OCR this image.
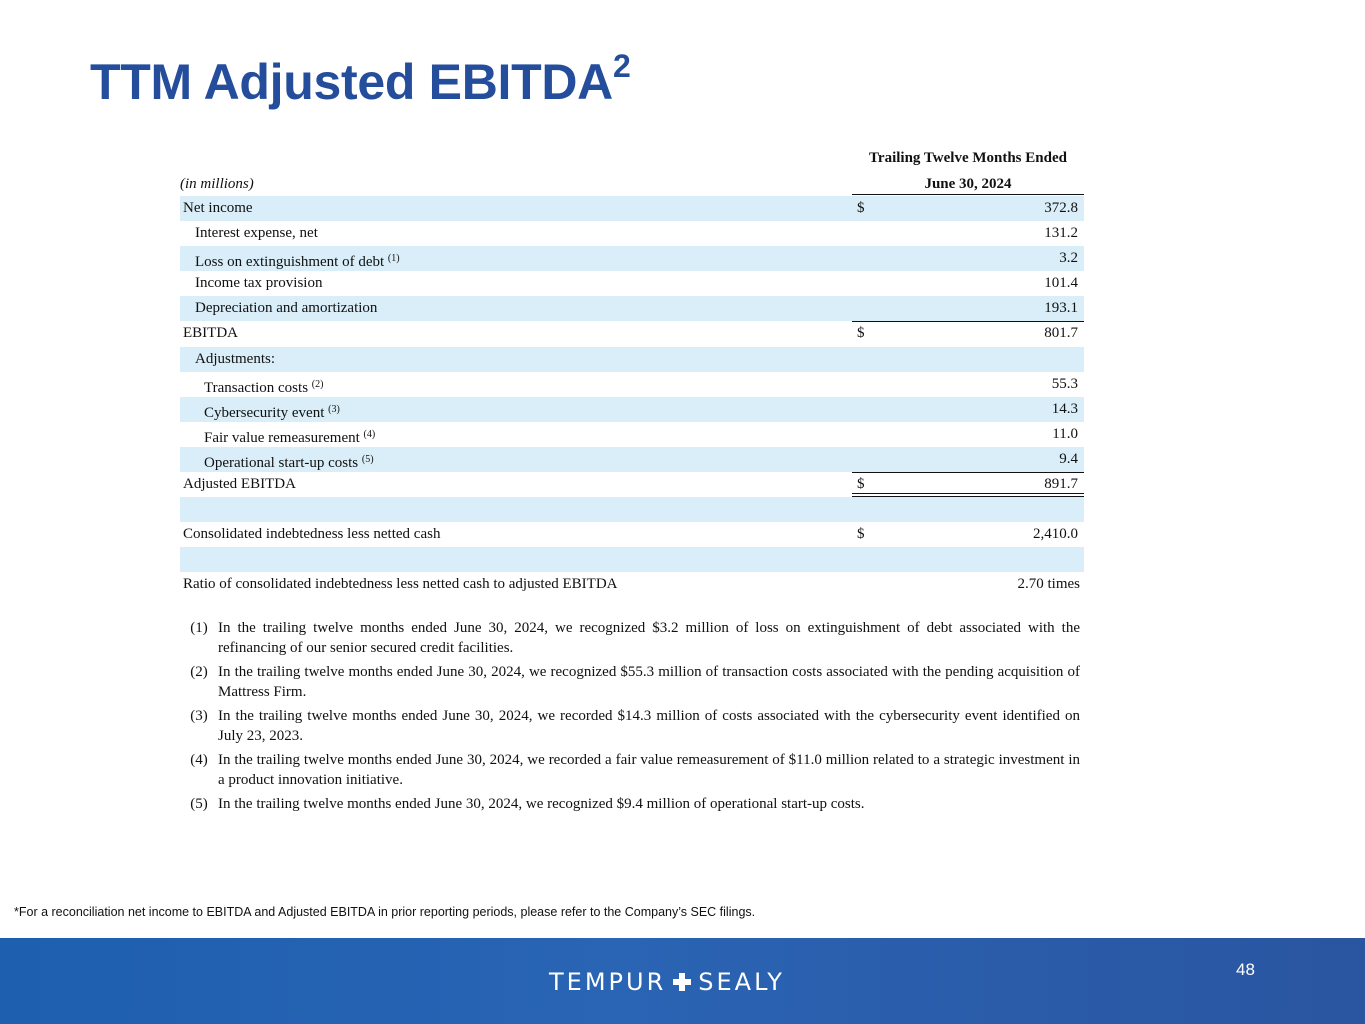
TTM Adjusted EBITDA$^2$
Trailing Twelve Months Ended
(in millions)	June 30, 2024
Net income	$	372.8
Interest expense, net	131.2
Loss on extinguishment of debt $^{(1)}$	3.2
Income tax provision	101.4
Depreciation and amortization	193.1
EBITDA	$	801.7
Adjustments:
Transaction costs $^{(2)}$	55.3
Cybersecurity event $^{(3)}$	14.3
Fair value remeasurement $^{(4)}$	11.0
Operational start-up costs $^{(5)}$	9.4
Adjusted EBITDA	$	891.7
Consolidated indebtedness less netted cash	$	2,410.0
Ratio of consolidated indebtedness less netted cash to adjusted EBITDA	2.70 times
(1) In the trailing twelve months ended June 30, 2024, we recognized $3.2 million of loss on extinguishment of debt associated with the refinancing of our senior secured credit facilities.
(2) In the trailing twelve months ended June 30, 2024, we recognized $55.3 million of transaction costs associated with the pending acquisition of Mattress Firm.
(3) In the trailing twelve months ended June 30, 2024, we recorded $14.3 million of costs associated with the cybersecurity event identified on July 23, 2023.
(4) In the trailing twelve months ended June 30, 2024, we recorded a fair value remeasurement of $11.0 million related to a strategic investment in a product innovation initiative.
(5) In the trailing twelve months ended June 30, 2024, we recognized $9.4 million of operational start-up costs.
*For a reconciliation net income to EBITDA and Adjusted EBITDA in prior reporting periods, please refer to the Company’s SEC filings.
TEMPUR SEALY	48
